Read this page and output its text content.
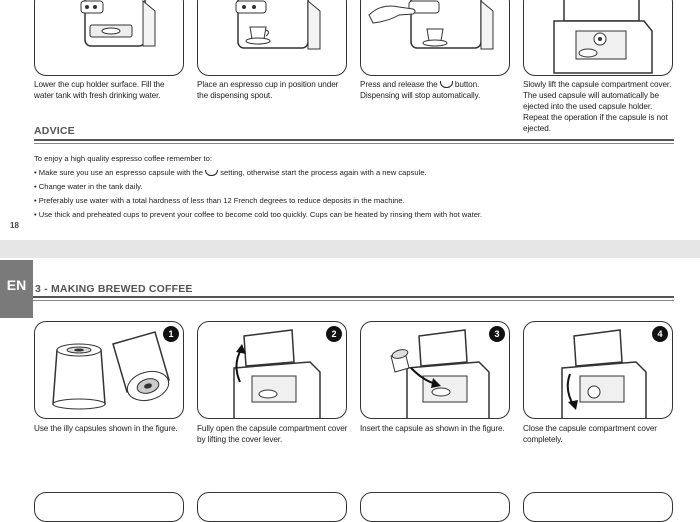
Lower the cup holder surface. Fill the water tank with fresh drinking water.
Place an espresso cup in position under the dispensing spout.
Press and release the  button. Dispensing will stop automatically.
Slowly lift the capsule compartment cover. The used capsule will automatically be ejected into the used capsule holder. Repeat the operation if the capsule is not ejected.
ADVICE
To enjoy a high quality espresso coffee remember to:
• Make sure you use an espresso capsule with the  setting, otherwise start the process again with a new capsule.
• Change water in the tank daily.
• Preferably use water with a total hardness of less than 12 French degrees to reduce deposits in the machine.
• Use thick and preheated cups to prevent your coffee to become cold too quickly. Cups can be heated by rinsing them with hot water.
18
EN 3 - MAKING BREWED COFFEE
1
Use the illy capsules shown in the figure.
2
Fully open the capsule compartment cover by lifting the cover lever.
3
Insert the capsule as shown in the figure.
4
Close the capsule compartment cover completely.
